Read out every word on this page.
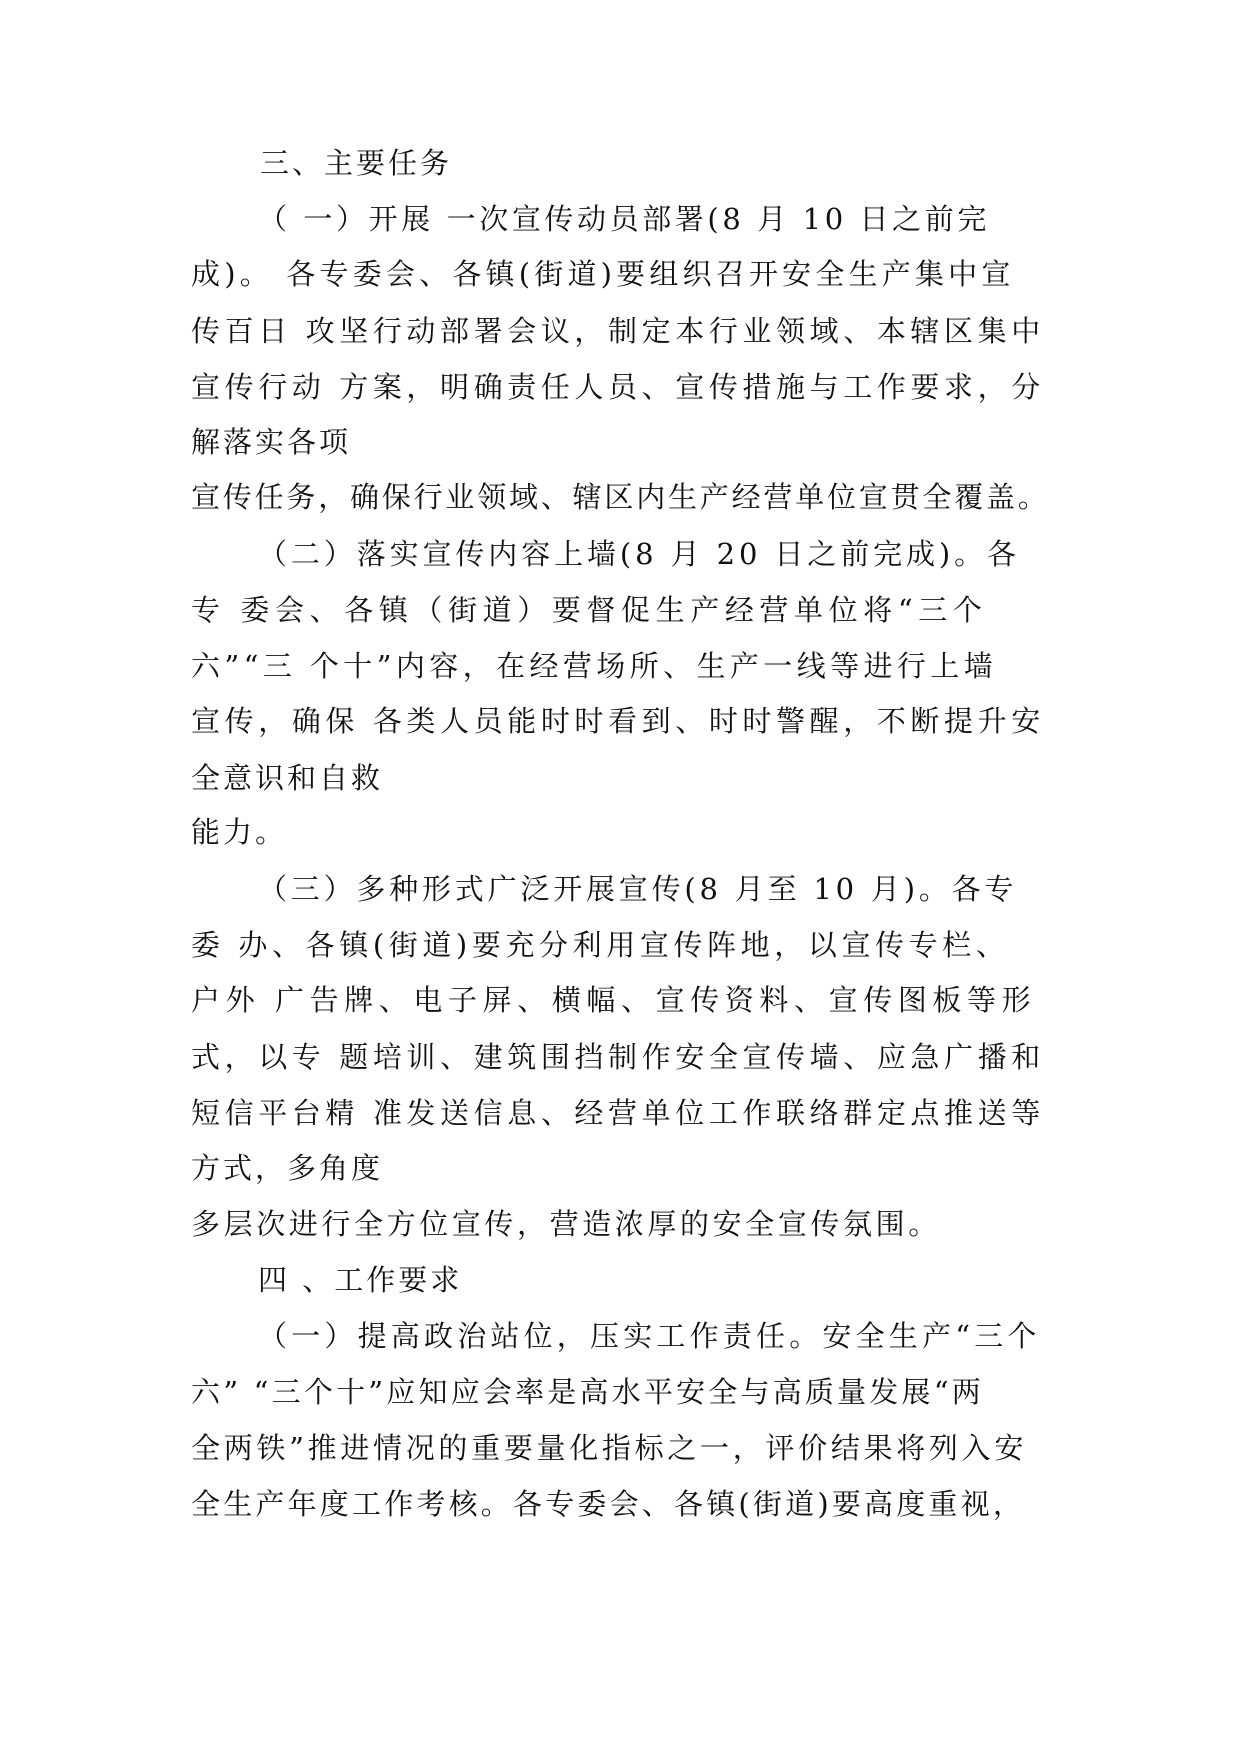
三、主要任务
（ 一）开展 一次宣传动员部署(8 月 10 日之前完
成)。 各专委会、各镇(街道)要组织召开安全生产集中宣
传百日 攻坚行动部署会议，制定本行业领域、本辖区集中
宣传行动 方案，明确责任人员、宣传措施与工作要求，分
解落实各项
宣传任务，确保行业领域、辖区内生产经营单位宣贯全覆盖。
（二）落实宣传内容上墙(8 月 20 日之前完成)。各
专 委会、各镇（街道）要督促生产经营单位将“三个
六”“三 个十”内容，在经营场所、生产一线等进行上墙
宣传，确保 各类人员能时时看到、时时警醒，不断提升安
全意识和自救
能力。
（三）多种形式广泛开展宣传(8 月至 10 月)。各专
委 办、各镇(街道)要充分利用宣传阵地，以宣传专栏、
户外 广告牌、电子屏、横幅、宣传资料、宣传图板等形
式，以专 题培训、建筑围挡制作安全宣传墙、应急广播和
短信平台精 准发送信息、经营单位工作联络群定点推送等
方式，多角度
多层次进行全方位宣传，营造浓厚的安全宣传氛围。
四 、工作要求
（一）提高政治站位，压实工作责任。安全生产“三个
六” “三个十”应知应会率是高水平安全与高质量发展“两
全两铁”推进情况的重要量化指标之一，评价结果将列入安
全生产年度工作考核。各专委会、各镇(街道)要高度重视，
